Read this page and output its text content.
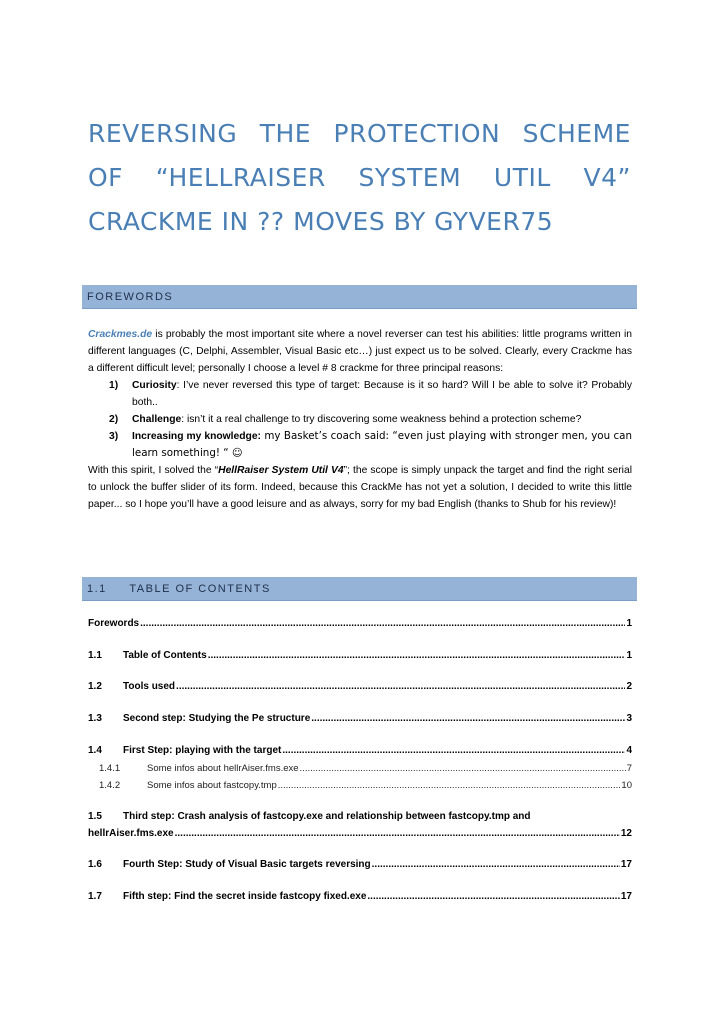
REVERSING THE PROTECTION SCHEME
OF “HELLRAISER SYSTEM UTIL V4”
CRACKME IN ?? MOVES BY GYVER75
FOREWORDS

Crackmes.de is probably the most important site where a novel reverser can test his abilities: little programs written in different languages (C, Delphi, Assembler, Visual Basic etc…) just expect us to be solved. Clearly, every Crackme has a different difficult level; personally I choose a level # 8 crackme for three principal reasons:

1) Curiosity: I’ve never reversed this type of target: Because is it so hard? Will I be able to solve it? Probably both..
2) Challenge: isn’t it a real challenge to try discovering some weakness behind a protection scheme?
3) Increasing my knowledge: my Basket’s coach said: “even just playing with stronger men, you can learn something! “ ☺

With this spirit, I solved the “HellRaiser System Util V4”; the scope is simply unpack the target and find the right serial to unlock the buffer slider of its form. Indeed, because this CrackMe has not yet a solution, I decided to write this little paper... so I hope you’ll have a good leisure and as always, sorry for my bad English (thanks to Shub for his review)!

1.1     TABLE OF CONTENTS
Forewords .....	1
1.1	Table of Contents .....	1
1.2	Tools used .....	2
1.3	Second step: Studying the Pe structure .....	3
1.4	First Step: playing with the target .....	4
1.4.1	Some infos about hellrAiser.fms.exe .....	7
1.4.2	Some infos about fastcopy.tmp .....	10
1.5	Third step: Crash analysis of fastcopy.exe and relationship between fastcopy.tmp and
hellrAiser.fms.exe .....	12
1.6	Fourth Step: Study of Visual Basic targets reversing .....	17
1.7	Fifth step: Find the secret inside fastcopy fixed.exe .....	17
